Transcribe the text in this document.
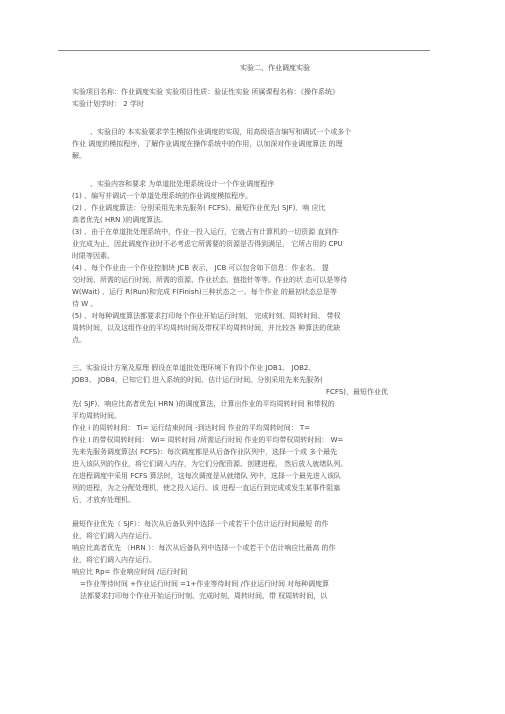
实验二、作业调度实验
实验项目名称：作业调度实验 实验项目性质：验证性实验 所属课程名称：《操作系统》
实验计划学时： 2 学时
、实验目的 本实验要求学生模拟作业调度的实现，用高级语言编写和调试一个或多个
作业 调度的模拟程序，了解作业调度在操作系统中的作用，以加深对作业调度算法 的理
解。
、实验内容和要求 为单道批处理系统设计一个作业调度程序
(1) 、编写并调试一个单道处理系统的作业调度模拟程序。
(2) 、作业调度算法：分别采用先来先服务( FCFS)、最短作业优先( SJF)、响 应比
高者优先( HRN )的调度算法。
(3) 、由于在单道批处理系统中，作业一投入运行，它就占有计算机的一切资源 直到作
业完成为止，因此调度作业时不必考虑它所需要的资源是否得到满足， 它所占用的 CPU
时限等因素。
(4) 、每个作业由一个作业控制块 JCB 表示， JCB 可以包含如下信息：作业名、 提
交时间、所需的运行时间、所需的资源、作业状态、链指针等等。作业的状 态可以是等待
W(Wait) 、运行 R(Run)和完成 F(Finish)三种状态之一。每个作业 的最初状态总是等
待 W 。
(5) 、对每种调度算法都要求打印每个作业开始运行时刻、 完成时刻、周转时间、 带权
周转时间，以及这组作业的平均周转时间及带权平均周转时间，并比较各 种算法的优缺
点。
三、实验设计方案及原理 假设在单道批处理环境下有四个作业 JOB1、 JOB2、
JOB3、 JOB4，已知它们 进入系统的时间、估计运行时间。分别采用先来先服务(
FCFS)，最短作业优
先( SJF)、响应比高者优先( HRN )的调度算法，计算出作业的平均周转时间 和带权的
平均周转时间。
作业 i 的周转时间： Ti= 运行结束时间 -到达时间 作业的平均周转时间： T=
作业 I 的带权周转时间： Wi= 周转时间 /所需运行时间 作业的平均带权周转时间： W=
先来先服务调度算法( FCFS)：每次调度都是从后备作业队列中，选择一个或 多个最先
进入该队列的作业，将它们调入内存，为它们分配资源、创建进程， 然后放入就绪队列。
在进程调度中采用 FCFS 算法时，这每次调度是从就绪队 列中，选择一个最先进入该队
列的进程，为之分配处理机，使之投入运行。该 进程一直运行到完成或发生某事件阻塞
后，才放弃处理机。
最短作业优先（ SJF）：每次从后备队列中选择一个或若干个估计运行时间最短 的作
业，将它们调入内存运行。
响应比高者优先 （HRN ）：每次从后备队列中选择一个或若干个估计响应比最高 的作
业，将它们调入内存运行。
响应比 Rp= 作业响应时间 /运行时间
=作业等待时间 +作业运行时间 =1+作业等待时间 /作业运行时间 对每种调度算
法都要求打印每个作业开始运行时刻、完成时刻、周转时间、带 权周转时间，以
